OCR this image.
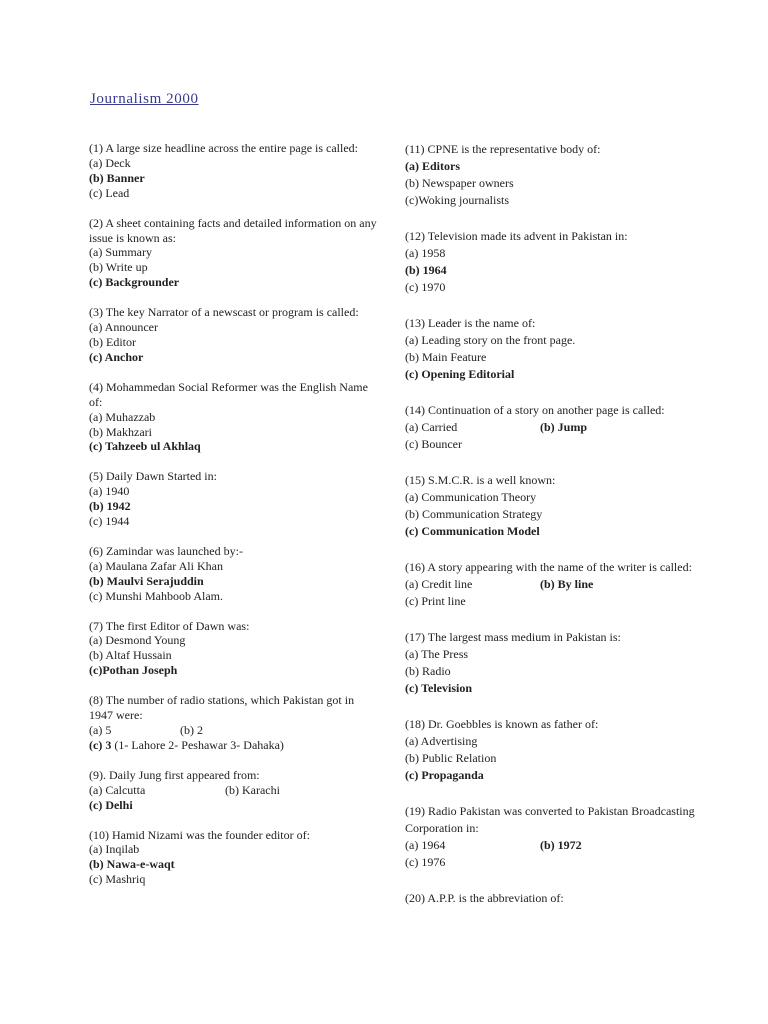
Journalism 2000
(1) A large size headline across the entire page is called:
(a) Deck
(b) Banner
(c) Lead
(2) A sheet containing facts and detailed information on any issue is known as:
(a) Summary
(b) Write up
(c) Backgrounder
(3) The key Narrator of a newscast or program is called:
(a) Announcer
(b) Editor
(c) Anchor
(4) Mohammedan Social Reformer was the English Name of:
(a) Muhazzab
(b) Makhzari
(c) Tahzeeb ul Akhlaq
(5) Daily Dawn Started in:
(a) 1940
(b) 1942
(c) 1944
(6) Zamindar was launched by:-
(a) Maulana Zafar Ali Khan
(b) Maulvi Serajuddin
(c) Munshi Mahboob Alam.
(7) The first Editor of Dawn was:
(a) Desmond Young
(b) Altaf Hussain
(c)Pothan Joseph
(8) The number of radio stations, which Pakistan got in 1947 were:
(a) 5	(b) 2
(c) 3 (1- Lahore 2- Peshawar 3- Dahaka)
(9). Daily Jung first appeared from:
(a) Calcutta	(b) Karachi
(c) Delhi
(10) Hamid Nizami was the founder editor of:
(a) Inqilab
(b) Nawa-e-waqt
(c) Mashriq
(11) CPNE is the representative body of:
(a) Editors
(b) Newspaper owners
(c)Woking journalists
(12) Television made its advent in Pakistan in:
(a) 1958
(b) 1964
(c) 1970
(13) Leader is the name of:
(a) Leading story on the front page.
(b) Main Feature
(c) Opening Editorial
(14) Continuation of a story on another page is called:
(a) Carried	(b) Jump
(c) Bouncer
(15) S.M.C.R. is a well known:
(a) Communication Theory
(b) Communication Strategy
(c) Communication Model
(16) A story appearing with the name of the writer is called:
(a) Credit line	(b) By line
(c) Print line
(17) The largest mass medium in Pakistan is:
(a) The Press
(b) Radio
(c) Television
(18) Dr. Goebbles is known as father of:
(a) Advertising
(b) Public Relation
(c) Propaganda
(19) Radio Pakistan was converted to Pakistan Broadcasting Corporation in:
(a) 1964	(b) 1972
(c) 1976
(20) A.P.P. is the abbreviation of:
